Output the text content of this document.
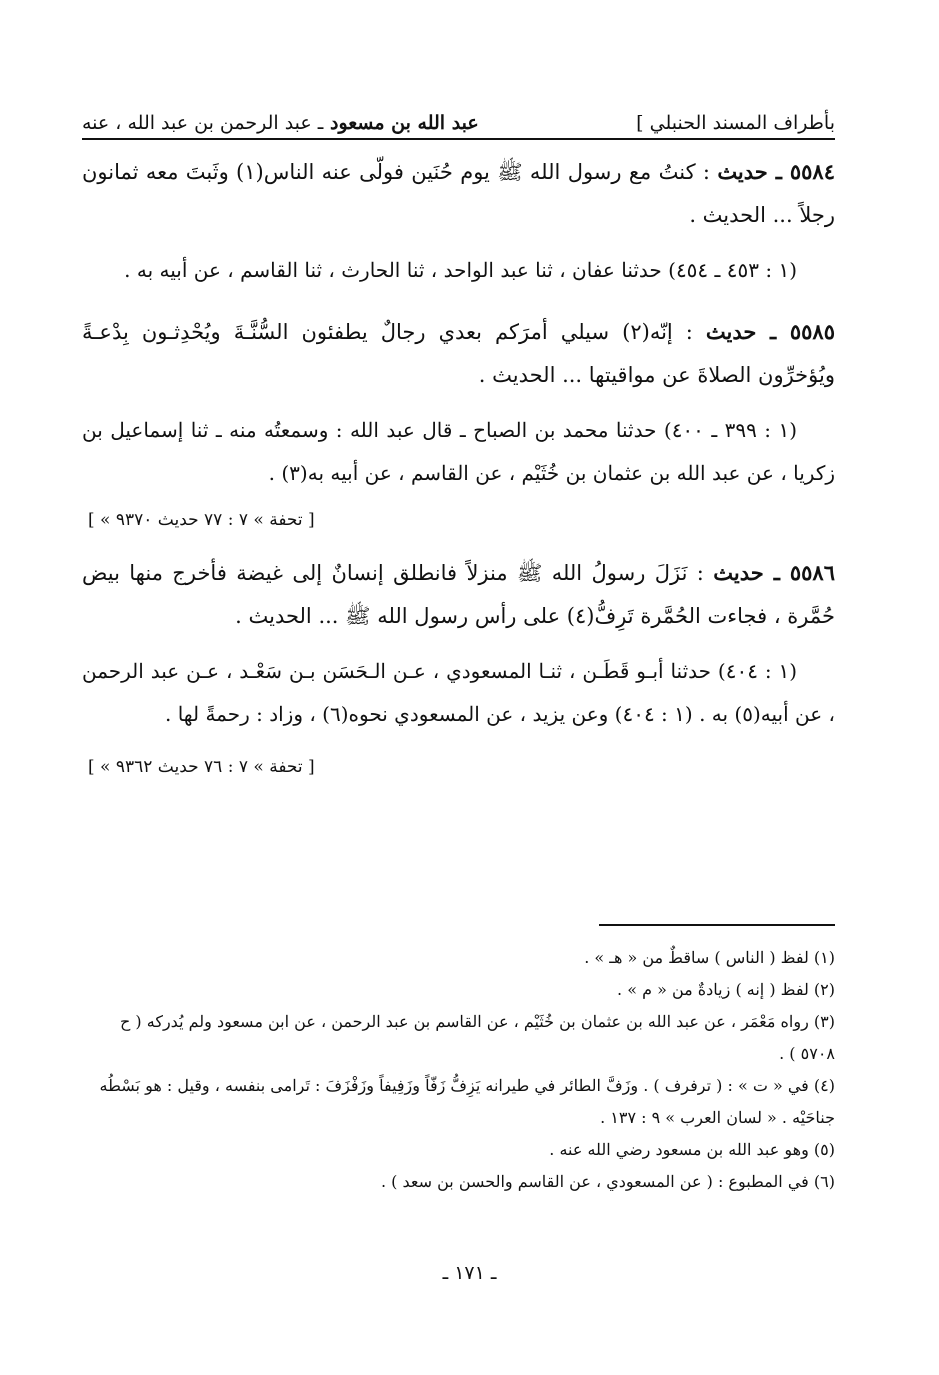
بأطراف المسند الحنبلي ]
عبد الله بن مسعود ـ عبد الرحمن بن عبد الله ، عنه

٥٥٨٤ ـ حديث : كنتُ مع رسول الله ﷺ يوم حُنَين فولّى عنه الناس(١) وثَبتَ معه ثمانون رجلاً ... الحديث .

(١ : ٤٥٣ ـ ٤٥٤) حدثنا عفان ، ثنا عبد الواحد ، ثنا الحارث ، ثنا القاسم ، عن أبيه به .

٥٥٨٥ ـ حديث : إنّه(٢) سيلي أمرَكم بعدي رجالٌ يطفئون السُّنَّـةَ ويُحْدِثـون بِدْعـةً ويُؤخرِّون الصلاةَ عن مواقيتها ... الحديث .

(١ : ٣٩٩ ـ ٤٠٠) حدثنا محمد بن الصباح ـ قال عبد الله : وسمعتُه منه ـ ثنا إسماعيل بن زكريا ، عن عبد الله بن عثمان بن خُثَيْم ، عن القاسم ، عن أبيه به(٣) .

[ « تحفة » ٧ : ٧٧ حديث ٩٣٧٠ ]

٥٥٨٦ ـ حديث : نَزَلَ رسولُ الله ﷺ منزلاً فانطلق إنسانٌ إلى غيضة فأخرج منها بيض حُمَّرة ، فجاءت الحُمَّرة تَرِفُّ(٤) على رأس رسول الله ﷺ ... الحديث .

(١ : ٤٠٤) حدثنا أبـو قَطَـن ، ثنـا المسعودي ، عـن الـحَسَن بـن سَعْـد ، عـن عبد الرحمن ، عن أبيه(٥) به . (١ : ٤٠٤) وعن يزيد ، عن المسعودي نحوه(٦) ، وزاد : رحمةً لها .

[ « تحفة » ٧ : ٧٦ حديث ٩٣٦٢ ]

(١) لفظ ( الناس ) ساقطٌ من « هـ » .

(٢) لفظ ( إنه ) زيادةٌ من « م » .

(٣) رواه مَعْمَر ، عن عبد الله بن عثمان بن خُثَيْم ، عن القاسم بن عبد الرحمن ، عن ابن مسعود ولم يُدركه ( ح ٥٧٠٨ ) .

(٤) في « ت » : ( ترفرف ) . وزَفَّ الطائر في طيرانه يَزِفُّ زَفّاً وزَفِيفاً وزَفْزَفَ : تَرامى بنفسه ، وقيل : هو بَسْطُه جناحَيْه . « لسان العرب » ٩ : ١٣٧ .

(٥) وهو عبد الله بن مسعود رضي الله عنه .

(٦) في المطبوع : ( عن المسعودي ، عن القاسم والحسن بن سعد ) .

ـ ١٧١ ـ
